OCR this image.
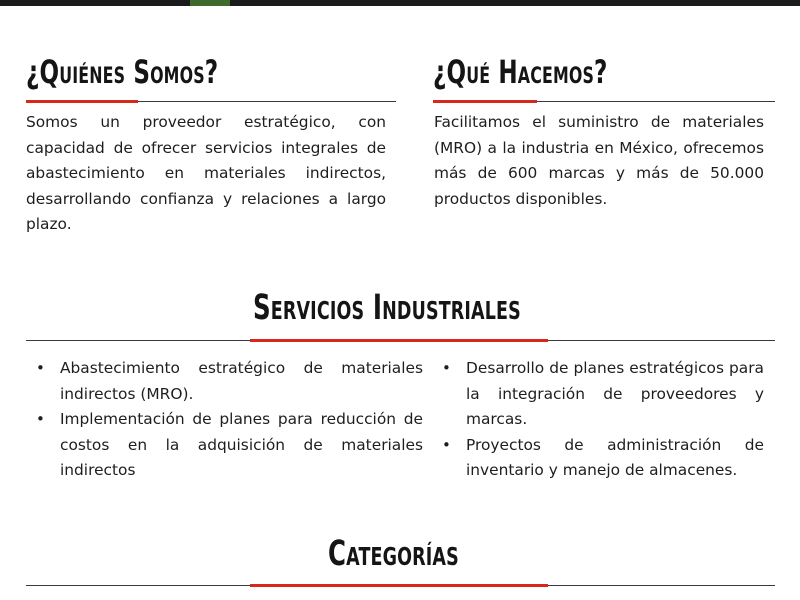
¿Quiénes Somos?

Somos un proveedor estratégico, con capacidad de ofrecer servicios integrales de abastecimiento en materiales indirectos, desarrollando confianza y relaciones a largo plazo.

¿Qué Hacemos?

Facilitamos el suministro de materiales (MRO) a la industria en México, ofrecemos más de 600 marcas y más de 50.000 productos disponibles.

Servicios Industriales
• Abastecimiento estratégico de materiales indirectos (MRO).
• Implementación de planes para reducción de costos en la adquisición de materiales indirectos
• Desarrollo de planes estratégicos para la integración de proveedores y marcas.
• Proyectos de administración de inventario y manejo de almacenes.
Categorías
